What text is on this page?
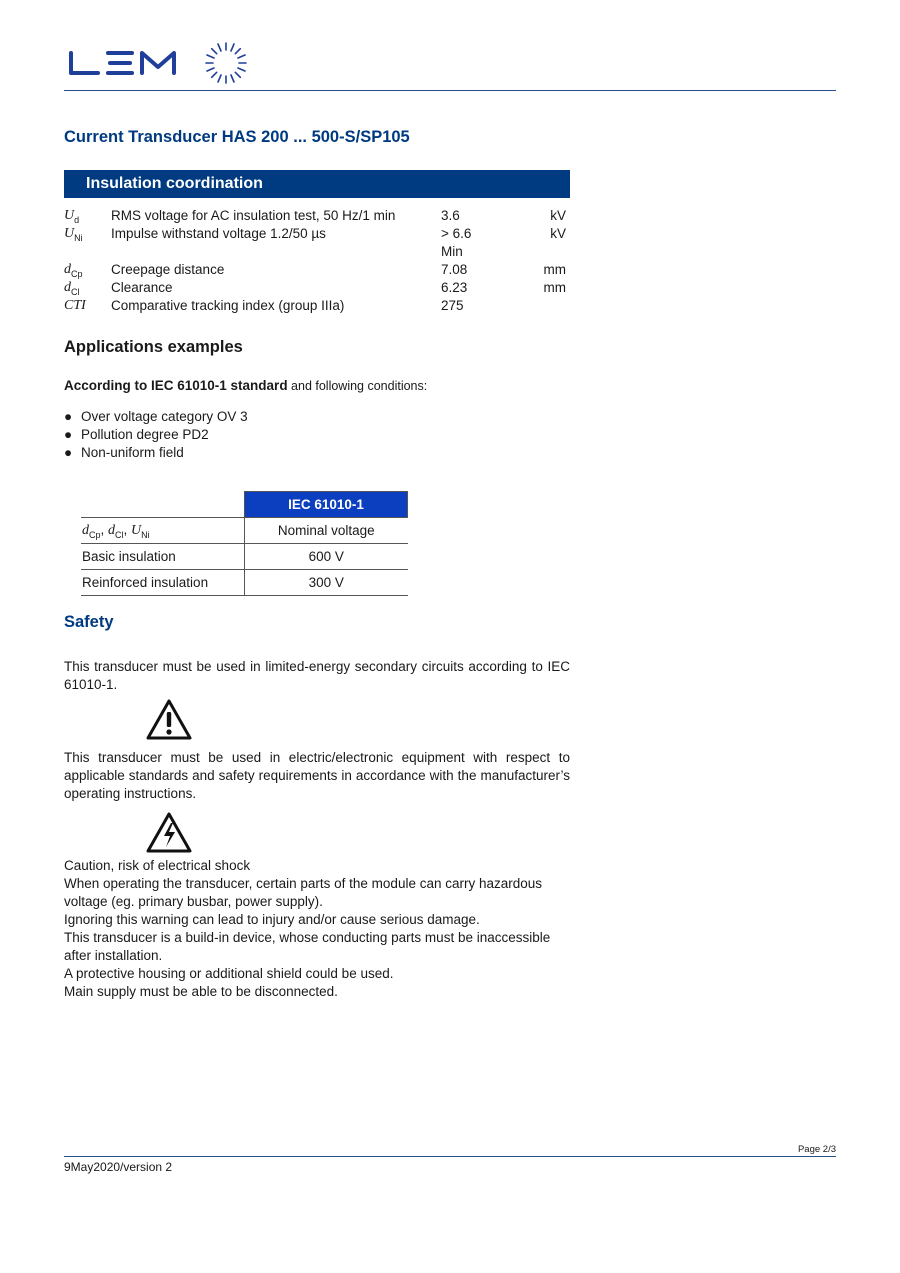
Current Transducer HAS 200 ... 500-S/SP105
Insulation coordination
$U_d$ RMS voltage for AC insulation test, 50 Hz/1 min	3.6	kV
$U_{Ni}$ Impulse withstand voltage 1.2/50 µs	> 6.6	kV
Min
$d_{Cp}$ Creepage distance	7.08	mm
$d_{Cl}$ Clearance	6.23	mm
CTI Comparative tracking index (group IIIa)	275
Applications examples
According to IEC 61010-1 standard and following conditions:
● Over voltage category OV 3
● Pollution degree PD2
● Non-uniform field
	IEC 61010-1
$d_{Cp}$, $d_{Cl}$, $U_{Ni}$	Nominal voltage
Basic insulation	600 V
Reinforced insulation	300 V
Safety
This transducer must be used in limited-energy secondary circuits according to IEC 61010-1.
This transducer must be used in electric/electronic equipment with respect to applicable standards and safety requirements in accordance with the manufacturer’s operating instructions.
Caution, risk of electrical shock
When operating the transducer, certain parts of the module can carry hazardous
voltage (eg. primary busbar, power supply).
Ignoring this warning can lead to injury and/or cause serious damage.
This transducer is a build-in device, whose conducting parts must be inaccessible
after installation.
A protective housing or additional shield could be used.
Main supply must be able to be disconnected.
Page 2/3
9May2020/version 2
